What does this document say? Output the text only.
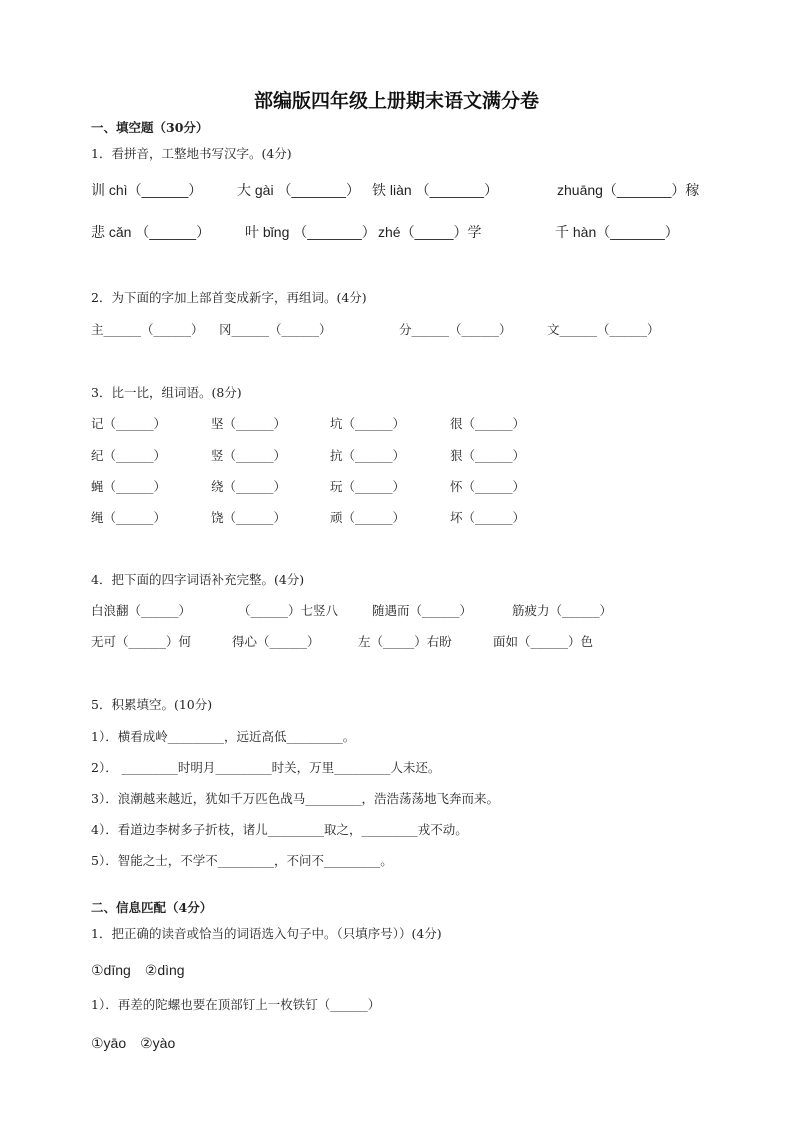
部编版四年级上册期末语文满分卷
一、填空题（30分）
1．看拼音，工整地书写汉字。(4分)
训 chì（______） 大 gài （_______） 铁 liàn （_______）	zhuāng（_______）稼
悲 cǎn （______） 叶 bǐng （_______） zhé（_____）学	千 hàn（_______）
2．为下面的字加上部首变成新字，再组词。(4分)
主______（______） 冈______（______）	分______（______）	文______（______）
3．比一比，组词语。(8分)
记（______）	坚（______）	坑（______）	很（______）
纪（______）	竖（______）	抗（______）	狠（______）
蝇（______）	绕（______）	玩（______）	怀（______）
绳（______）	饶（______）	顽（______）	坏（______）
4．把下面的四字词语补充完整。(4分)
白浪翻（______）	（______）七竖八	随遇而（______）	筋疲力（______）
无可（______）何	得心（______）	左（_____）右盼	面如（______）色
5．积累填空。(10分)
1）．横看成岭_________，远近高低_________。
2）． _________时明月_________时关，万里_________人未还。
3）．浪潮越来越近，犹如千万匹色战马_________，浩浩荡荡地飞奔而来。
4）．看道边李树多子折枝，诸儿_________取之，_________戎不动。
5）．智能之士，不学不_________，不问不_________。
二、信息匹配（4分）
1．把正确的读音或恰当的词语选入句子中。（只填序号））(4分)
①dīng　②dìng
1）．再差的陀螺也要在顶部钉上一枚铁钉（______）
①yāo　②yào
